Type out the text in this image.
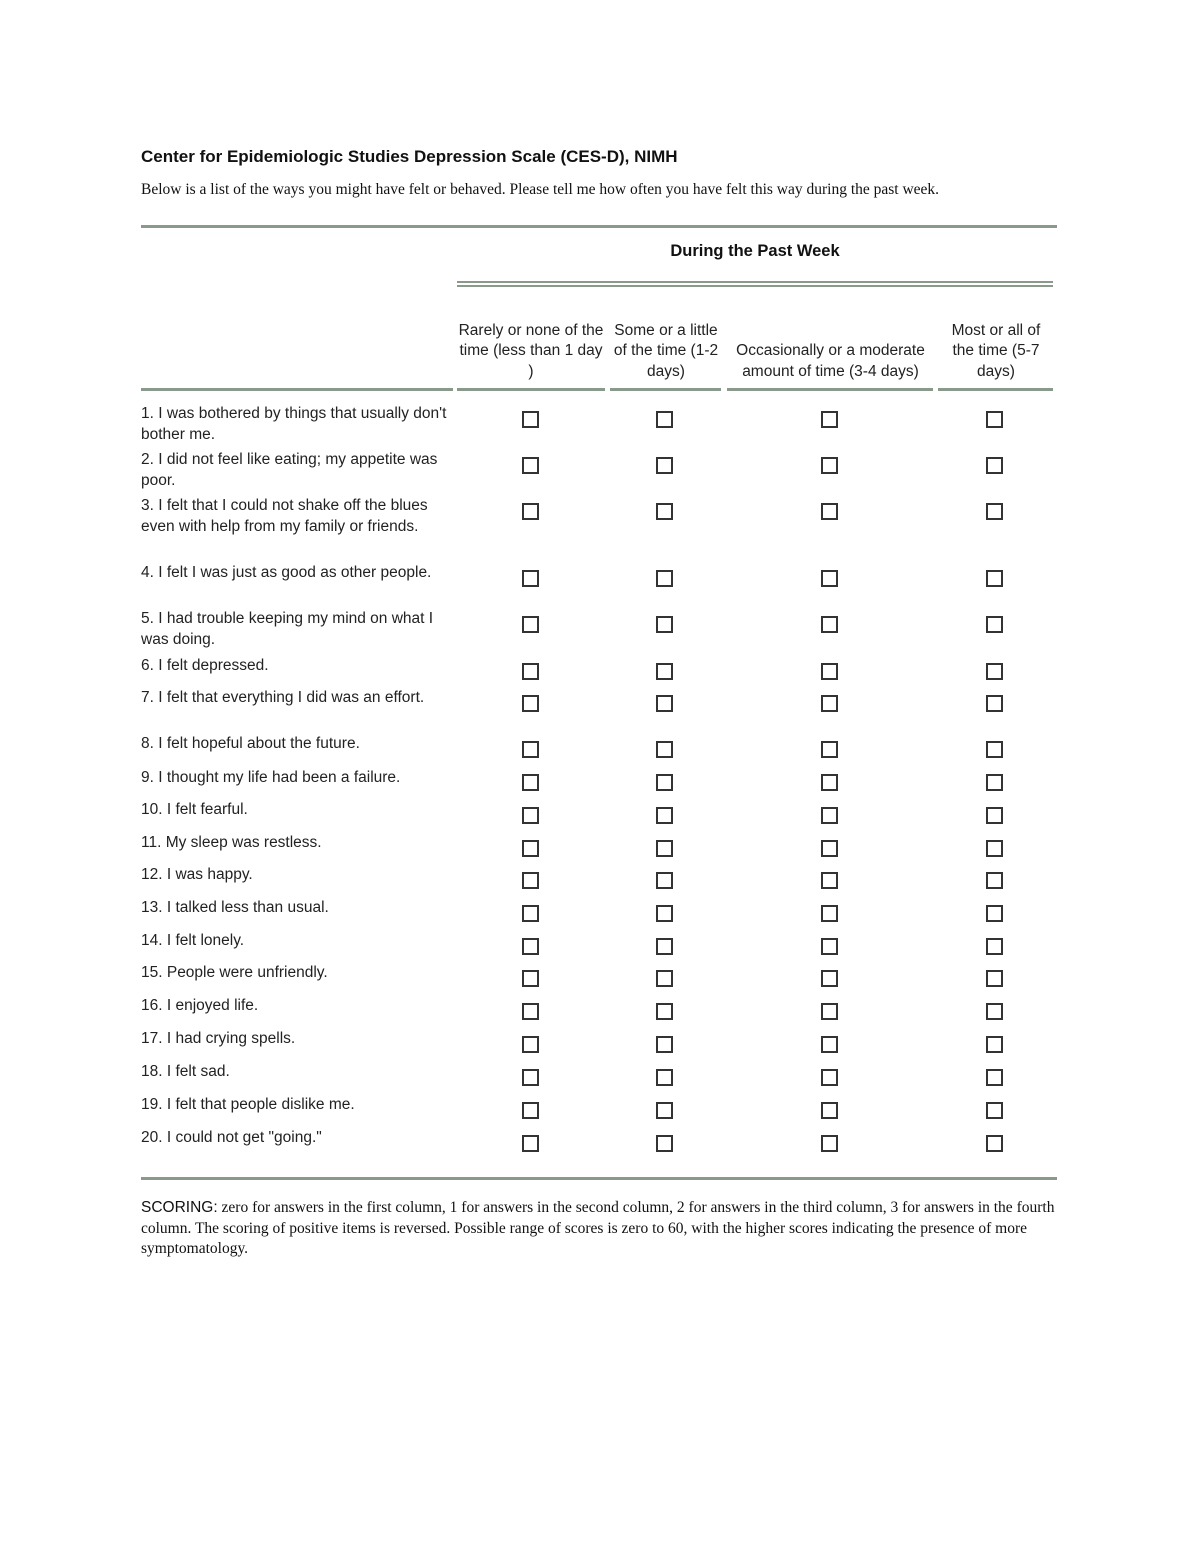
Center for Epidemiologic Studies Depression Scale (CES-D), NIMH
Below is a list of the ways you might have felt or behaved. Please tell me how often you have felt this way during the past week.
During the Past Week
Rarely or none of the time (less than 1 day )
Some or a little of the time (1-2 days)
Occasionally or a moderate amount of time (3-4 days)
Most or all of the time (5-7 days)
1. I was bothered by things that usually don't bother me.
2. I did not feel like eating; my appetite was poor.
3. I felt that I could not shake off the blues even with help from my family or friends.
4. I felt I was just as good as other people.
5. I had trouble keeping my mind on what I was doing.
6. I felt depressed.
7. I felt that everything I did was an effort.
8. I felt hopeful about the future.
9. I thought my life had been a failure.
10. I felt fearful.
11. My sleep was restless.
12. I was happy.
13. I talked less than usual.
14. I felt lonely.
15. People were unfriendly.
16. I enjoyed life.
17. I had crying spells.
18. I felt sad.
19. I felt that people dislike me.
20. I could not get "going."
SCORING: zero for answers in the first column, 1 for answers in the second column, 2 for answers in the third column, 3 for answers in the fourth column. The scoring of positive items is reversed. Possible range of scores is zero to 60, with the higher scores indicating the presence of more symptomatology.
